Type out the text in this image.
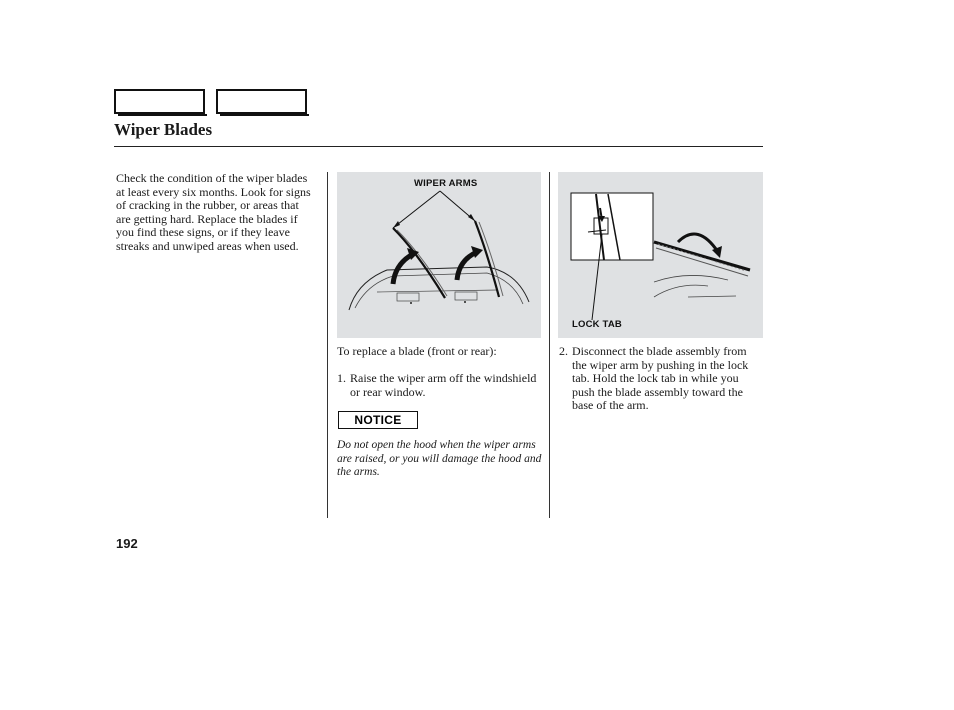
Wiper Blades
Check the condition of the wiper blades at least every six months. Look for signs of cracking in the rubber, or areas that are getting hard. Replace the blades if you find these signs, or if they leave streaks and unwiped areas when used.
WIPER ARMS
LOCK TAB
To replace a blade (front or rear):
1. Raise the wiper arm off the windshield or rear window.
NOTICE
Do not open the hood when the wiper arms are raised, or you will damage the hood and the arms.
2. Disconnect the blade assembly from the wiper arm by pushing in the lock tab. Hold the lock tab in while you push the blade assembly toward the base of the arm.
192
